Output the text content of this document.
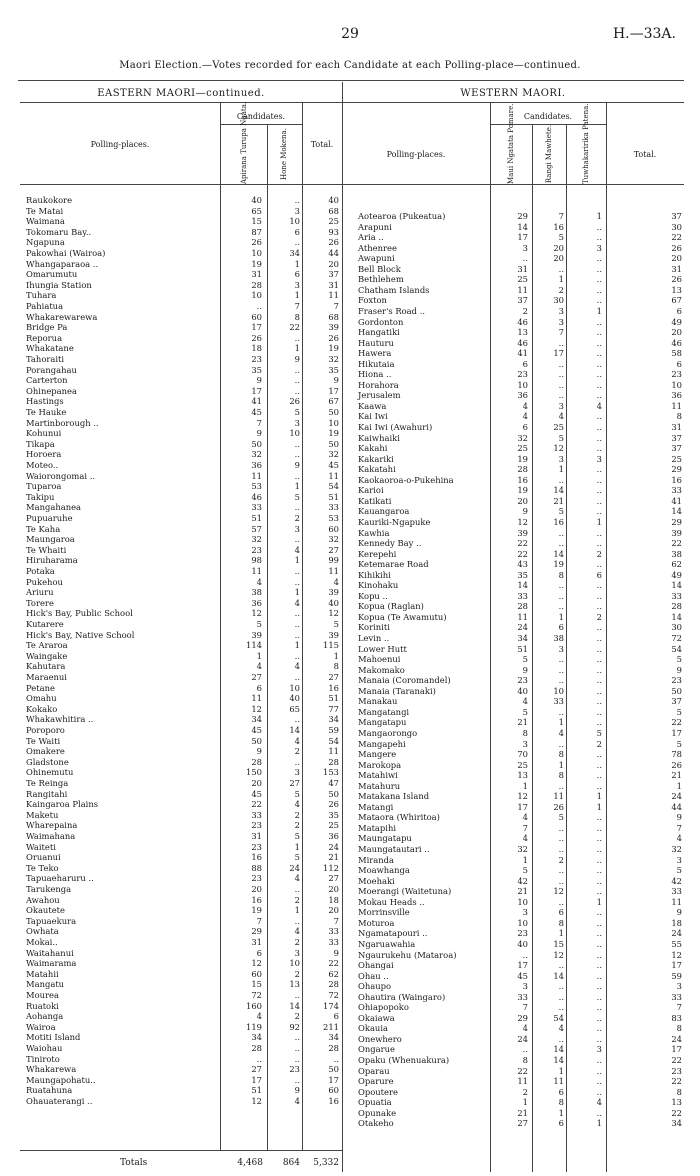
29	H.—33A.
Maori Election.—Votes recorded for each Candidate at each Polling-place—continued.
EASTERN MAORI—continued.
Polling-places.
Candidates.
Total.
Apirana Turupa Ngata.	Hone Mokena.
Raukokore	40	..	40
Te Matai	65	3	68
Waimana	15	10	25
Tokomaru Bay..	87	6	93
Ngapuna	26	..	26
Pakowhai (Wairoa)	10	34	44
Whangaparaoa ..	19	1	20
Omarumutu	31	6	37
Ihungia Station	28	3	31
Tuhara	10	1	11
Pahiatua	..	7	7
Whakarewarewa	60	8	68
Bridge Pa	17	22	39
Reporua	26	..	26
Whakatane	18	1	19
Tahoraiti	23	9	32
Porangahau	35	..	35
Carterton	9	..	9
Ohinepanea	17	..	17
Hastings	41	26	67
Te Hauke	45	5	50
Martinborough ..	7	3	10
Kohunui	9	10	19
Tikapa	50	..	50
Horoera	32	..	32
Moteo..	36	9	45
Waiorongomai ..	11	..	11
Tuparoa	53	1	54
Takipu	46	5	51
Mangahanea	33	..	33
Pupuaruhe	51	2	53
Te Kaha	57	3	60
Maungaroa	32	..	32
Te Whaiti	23	4	27
Hiruharama	98	1	99
Potaka	11	..	11
Pukehou	4	..	4
Ariuru	38	1	39
Torere	36	4	40
Hick's Bay, Public School	12	..	12
Kutarere	5	..	5
Hick's Bay, Native School	39	..	39
Te Araroa	114	1	115
Waingake	1	..	1
Kahutara	4	4	8
Maraenui	27	..	27
Petane	6	10	16
Omahu	11	40	51
Kokako	12	65	77
Whakawhitira ..	34	..	34
Poroporo	45	14	59
Te Waiti	50	4	54
Omakere	9	2	11
Gladstone	28	..	28
Ohinemutu	150	3	153
Te Reinga	20	27	47
Rangitahi	45	5	50
Kaingaroa Plains	22	4	26
Maketu	33	2	35
Wharepaina	23	2	25
Waimahana	31	5	36
Waiteti	23	1	24
Oruanui	16	5	21
Te Teko	88	24	112
Tapuaeharuru ..	23	4	27
Tarukenga	20	..	20
Awahou	16	2	18
Okautete	19	1	20
Tapuaekura	7	..	7
Owhata	29	4	33
Mokai..	31	2	33
Waitahanui	6	3	9
Waimarama	12	10	22
Matahii	60	2	62
Mangatu	15	13	28
Mourea	72	..	72
Ruatoki	160	14	174
Aohanga	4	2	6
Wairoa	119	92	211
Motiti Island	34	..	34
Waiohau	28	..	28
Tiniroto	..	..	..
Whakarewa	27	23	50
Maungapohatu..	17	..	17
Ruatahuna	51	9	60
Ohauaterangi ..	12	4	16
Totals	4,468	864	5,332
WESTERN MAORI.
Polling-places.
Candidates.
Total.
Maui Ngatata Pomare.	Rangi Mawhete.	Tuwhakaririka Patena.
Aotearoa (Pukeatua)	29	7	1	37
Arapuni	14	16	..	30
Aria ..	17	5	..	22
Athenree	3	20	3	26
Awapuni	..	20	..	20
Bell Block	31	..	..	31
Bethlehem	25	1	..	26
Chatham Islands	11	2	..	13
Foxton	37	30	..	67
Fraser's Road ..	2	3	1	6
Gordonton	46	3	..	49
Hangatiki	13	7	..	20
Hauturu	46	..	..	46
Hawera	41	17	..	58
Hikutaia	6	..	..	6
Hiona ..	23	..	..	23
Horahora	10	..	..	10
Jerusalem	36	..	..	36
Kaawa	4	3	4	11
Kai Iwi	4	4	..	8
Kai Iwi (Awahuri)	6	25	..	31
Kaiwhaiki	32	5	..	37
Kakahi	25	12	..	37
Kakariki	19	3	3	25
Kakatahi	28	1	..	29
Kaokaoroa-o-Pukehina	16	..	..	16
Karioi	19	14	..	33
Katikati	20	21	..	41
Kauangaroa	9	5	..	14
Kauriki-Ngapuke	12	16	1	29
Kawhia	39	..	..	39
Kennedy Bay ..	22	..	..	22
Kerepehi	22	14	2	38
Ketemarae Road	43	19	..	62
Kihikihi	35	8	6	49
Kinohaku	14	..	..	14
Kopu ..	33	..	..	33
Kopua (Raglan)	28	..	..	28
Kopua (Te Awamutu)	11	1	2	14
Koriniti	24	6	..	30
Levin ..	34	38	..	72
Lower Hutt	51	3	..	54
Mahoenui	5	..	..	5
Makomako	9	..	..	9
Manaia (Coromandel)	23	..	..	23
Manaia (Taranaki)	40	10	..	50
Manakau	4	33	..	37
Mangatangi	5	..	..	5
Mangatapu	21	1	..	22
Mangaorongo	8	4	5	17
Mangapehi	3	..	2	5
Mangere	70	8	..	78
Marokopa	25	1	..	26
Matahiwi	13	8	..	21
Matahuru	1	..	..	1
Matakana Island	12	11	1	24
Matangi	17	26	1	44
Mataora (Whiritoa)	4	5	..	9
Matapihi	7	..	..	7
Maungatapu	4	..	..	4
Maungatautari ..	32	..	..	32
Miranda	1	2	..	3
Moawhanga	5	..	..	5
Moehaki	42	..	..	42
Moerangi (Waitetuna)	21	12	..	33
Mokau Heads ..	10	..	1	11
Morrinsville	3	6	..	9
Moturoa	10	8	..	18
Ngamatapouri ..	23	1	..	24
Ngaruawahia	40	15	..	55
Ngaurukehu (Mataroa)	..	12	..	12
Ohangai	17	..	..	17
Ohau ..	45	14	..	59
Ohaupo	3	..	..	3
Ohautira (Waingaro)	33	..	..	33
Ohiapopoko	7	..	..	7
Okaiawa	29	54	..	83
Okauia	4	4	..	8
Onewhero	24	..	..	24
Ongarue	..	14	3	17
Opaku (Whenuakura)	8	14	..	22
Oparau	22	1	..	23
Oparure	11	11	..	22
Opoutere	2	6	..	8
Opuatia	1	8	4	13
Opunake	21	1	..	22
Otakeho	27	6	1	34
